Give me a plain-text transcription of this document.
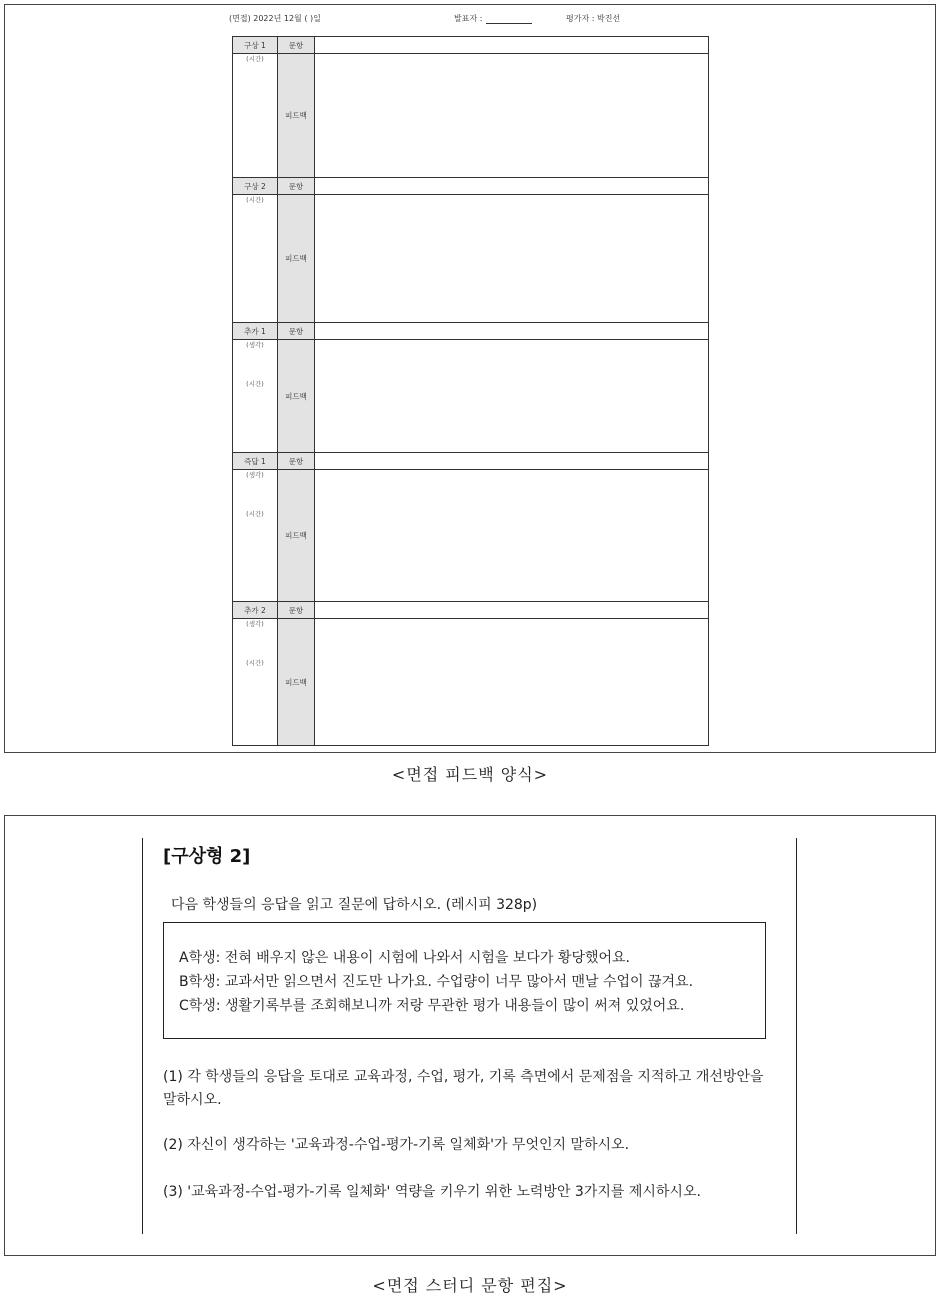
(면접) 2022년 12월 ( )일	발표자 :	평가자 : 박진선
구상 1	문항	

(시간)	피드백	
구상 2	문항	

(시간)	피드백	
추가 1	문항	

(생각)
(시간)	피드백	
즉답 1	문항	

(생각)
(시간)	피드백	
추가 2	문항	

(생각)
(시간)	피드백	
<면접 피드백 양식>
[구상형 2]
다음 학생들의 응답을 읽고 질문에 답하시오. (레시피 328p)
A학생: 전혀 배우지 않은 내용이 시험에 나와서 시험을 보다가 황당했어요.
B학생: 교과서만 읽으면서 진도만 나가요. 수업량이 너무 많아서 맨날 수업이 끊겨요.
C학생: 생활기록부를 조회해보니까 저랑 무관한 평가 내용들이 많이 써져 있었어요.
(1) 각 학생들의 응답을 토대로 교육과정, 수업, 평가, 기록 측면에서 문제점을 지적하고 개선방안을 말하시오.
(2) 자신이 생각하는 '교육과정-수업-평가-기록 일체화'가 무엇인지 말하시오.
(3) '교육과정-수업-평가-기록 일체화' 역량을 키우기 위한 노력방안 3가지를 제시하시오.
<면접 스터디 문항 편집>
